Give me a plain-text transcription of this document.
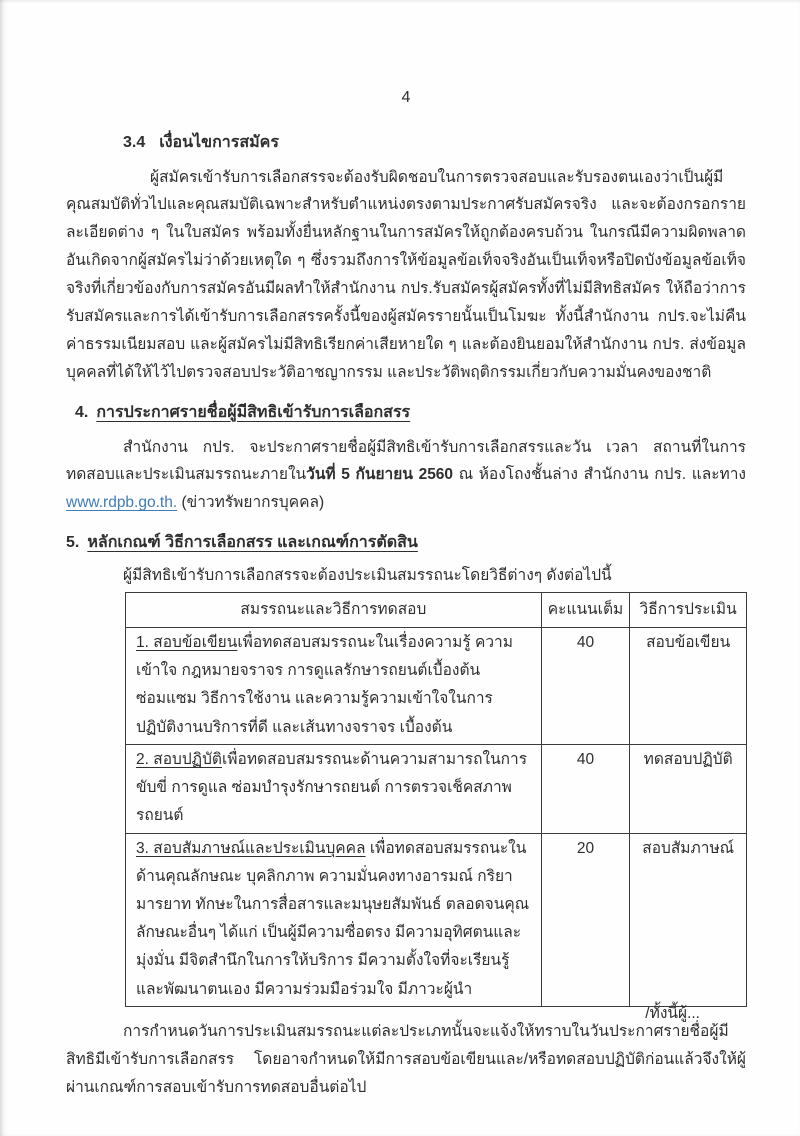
4
3.4 เงื่อนไขการสมัคร

ผู้สมัครเข้ารับการเลือกสรรจะต้องรับผิดชอบในการตรวจสอบและรับรองตนเองว่าเป็นผู้มีคุณสมบัติทั่วไปและคุณสมบัติเฉพาะสำหรับตำแหน่งตรงตามประกาศรับสมัครจริง และจะต้องกรอกรายละเอียดต่าง ๆ ในใบสมัคร พร้อมทั้งยื่นหลักฐานในการสมัครให้ถูกต้องครบถ้วน ในกรณีมีความผิดพลาดอันเกิดจากผู้สมัครไม่ว่าด้วยเหตุใด ๆ ซึ่งรวมถึงการให้ข้อมูลข้อเท็จจริงอันเป็นเท็จหรือปิดบังข้อมูลข้อเท็จจริงที่เกี่ยวข้องกับการสมัครอันมีผลทำให้สำนักงาน กปร.รับสมัครผู้สมัครทั้งที่ไม่มีสิทธิสมัคร ให้ถือว่าการรับสมัครและการได้เข้ารับการเลือกสรรครั้งนี้ของผู้สมัครรายนั้นเป็นโมฆะ ทั้งนี้สำนักงาน กปร.จะไม่คืนค่าธรรมเนียมสอบ และผู้สมัครไม่มีสิทธิเรียกค่าเสียหายใด ๆ และต้องยินยอมให้สำนักงาน กปร. ส่งข้อมูลบุคคลที่ได้ให้ไว้ไปตรวจสอบประวัติอาชญากรรม และประวัติพฤติกรรมเกี่ยวกับความมั่นคงของชาติ

4. การประกาศรายชื่อผู้มีสิทธิเข้ารับการเลือกสรร

สำนักงาน กปร. จะประกาศรายชื่อผู้มีสิทธิเข้ารับการเลือกสรรและวัน เวลา สถานที่ในการทดสอบและประเมินสมรรถนะภายในวันที่ 5 กันยายน 2560 ณ ห้องโถงชั้นล่าง สำนักงาน กปร. และทาง www.rdpb.go.th. (ข่าวทรัพยากรบุคคล)

5. หลักเกณฑ์ วิธีการเลือกสรร และเกณฑ์การตัดสิน
ผู้มีสิทธิเข้ารับการเลือกสรรจะต้องประเมินสมรรถนะโดยวิธีต่างๆ ดังต่อไปนี้
สมรรถนะและวิธีการทดสอบ	คะแนนเต็ม	วิธีการประเมิน
1. สอบข้อเขียนเพื่อทดสอบสมรรถนะในเรื่องความรู้ ความเข้าใจ กฎหมายจราจร การดูแลรักษารถยนต์เบื้องต้น ซ่อมแซม วิธีการใช้งาน และความรู้ความเข้าใจในการปฏิบัติงานบริการที่ดี และเส้นทางจราจร เบื้องต้น	40	สอบข้อเขียน
2. สอบปฏิบัติเพื่อทดสอบสมรรถนะด้านความสามารถในการขับขี่ การดูแล ซ่อมบำรุงรักษารถยนต์ การตรวจเช็คสภาพรถยนต์	40	ทดสอบปฏิบัติ
3. สอบสัมภาษณ์และประเมินบุคคล เพื่อทดสอบสมรรถนะในด้านคุณลักษณะ บุคลิกภาพ ความมั่นคงทางอารมณ์ กริยามารยาท ทักษะในการสื่อสารและมนุษยสัมพันธ์ ตลอดจนคุณลักษณะอื่นๆ ได้แก่ เป็นผู้มีความซื่อตรง มีความอุทิศตนและมุ่งมั่น มีจิตสำนึกในการให้บริการ มีความตั้งใจที่จะเรียนรู้และพัฒนาตนเอง มีความร่วมมือร่วมใจ มีภาวะผู้นำ	20	สอบสัมภาษณ์

การกำหนดวันการประเมินสมรรถนะแต่ละประเภทนั้นจะแจ้งให้ทราบในวันประกาศรายชื่อผู้มีสิทธิมีเข้ารับการเลือกสรร โดยอาจกำหนดให้มีการสอบข้อเขียนและ/หรือทดสอบปฏิบัติก่อนแล้วจึงให้ผู้ผ่านเกณฑ์การสอบเข้ารับการทดสอบอื่นต่อไป

/ทั้งนี้ผู้...
